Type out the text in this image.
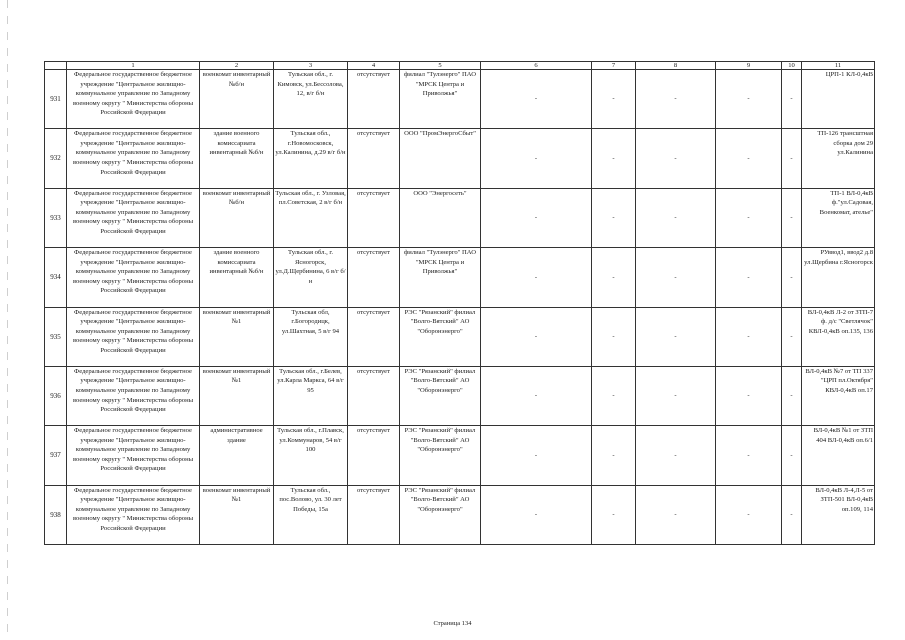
	1	2	3	4	5	6	7	8	9	10	11
931	Федеральное государственное бюджетное учреждение "Центральное жилищно-коммунальное управление по Западному военному округу " Министерства обороны Российской Федерации	военкомат инвентарный №б/н	Тульская обл., г. Кимовск, ул.Бессолова, 12, в/г б/н	отсутствует	филиал "Тулэнерго" ПАО "МРСК Центра и Приволжья"	-	-	-	-	-	ЦРП-1 КЛ-0,4кВ
932	Федеральное государственное бюджетное учреждение "Центральное жилищно-коммунальное управление по Западному военному округу " Министерства обороны Российской Федерации	здание военного комиссариата инвентарный №б/н	Тульская обл., г.Новомосковск, ул.Калинина, д.29 в/г б/н	отсутствует	ООО "ПромЭнергоСбыт"	-	-	-	-	-	ТП-126 трансштная сборка дом 29 ул.Калинина
933	Федеральное государственное бюджетное учреждение "Центральное жилищно-коммунальное управление по Западному военному округу " Министерства обороны Российской Федерации	военкомат инвентарный №б/н	Тульская обл., г. Узловая, пл.Советская, 2 в/г б/н	отсутствует	ООО "Энергосеть"	-	-	-	-	-	ТП-1 ВЛ-0,4кВ ф."ул.Садовая, Военкомат, ателье"
934	Федеральное государственное бюджетное учреждение "Центральное жилищно-коммунальное управление по Западному военному округу " Министерства обороны Российской Федерации	здание военного комиссариата инвентарный №б/н	Тульская обл., г. Ясногорск, ул.Д.Щербинина, 6 в/г б/н	отсутствует	филиал "Тулэнерго" ПАО "МРСК Центра и Приволжья"	-	-	-	-	-	РУввод1, ввод2 д.8 ул.Щербина г.Ясногорск
935	Федеральное государственное бюджетное учреждение "Центральное жилищно-коммунальное управление по Западному военному округу " Министерства обороны Российской Федерации	военкомат инвентарный №1	Тульская обл, г.Богородицк, ул.Шахтная, 5 в/г 94	отсутствует	РЭС "Рязанский" филиал "Волго-Вятский" АО "Оборонэнерго"	-	-	-	-	-	ВЛ-0,4кВ Л-2 от ЗТП-7 ф. д/с "Светлячок" КВЛ-0,4кВ оп.135, 136
936	Федеральное государственное бюджетное учреждение "Центральное жилищно-коммунальное управление по Западному военному округу " Министерства обороны Российской Федерации	военкомат инвентарный №1	Тульская обл., г.Белев, ул.Карла Маркса, 64 в/г 95	отсутствует	РЭС "Рязанский" филиал "Волго-Вятский" АО "Оборонэнерго"	-	-	-	-	-	ВЛ-0,4кВ №7 от ТП 337 "ЦРП пл.Октября" КВЛ-0,4кВ оп.17
937	Федеральное государственное бюджетное учреждение "Центральное жилищно-коммунальное управление по Западному военному округу " Министерства обороны Российской Федерации	административное здание	Тульская обл., г.Плавск, ул.Коммунаров, 54 в/г 100	отсутствует	РЭС "Рязанский" филиал "Волго-Вятский" АО "Оборонэнерго"	-	-	-	-	-	ВЛ-0,4кВ №1 от ЗТП 404 ВЛ-0,4кВ оп.6/1
938	Федеральное государственное бюджетное учреждение "Центральное жилищно-коммунальное управление по Западному военному округу " Министерства обороны Российской Федерации	военкомат инвентарный №1	Тульская обл., пос.Волово, ул. 30 лет Победы, 15а	отсутствует	РЭС "Рязанский" филиал "Волго-Вятский" АО "Оборонэнерго"	-	-	-	-	-	ВЛ-0,4кВ Л-4,Л-5 от ЗТП-501 ВЛ-0,4кВ оп.109, 114
Страница 134
